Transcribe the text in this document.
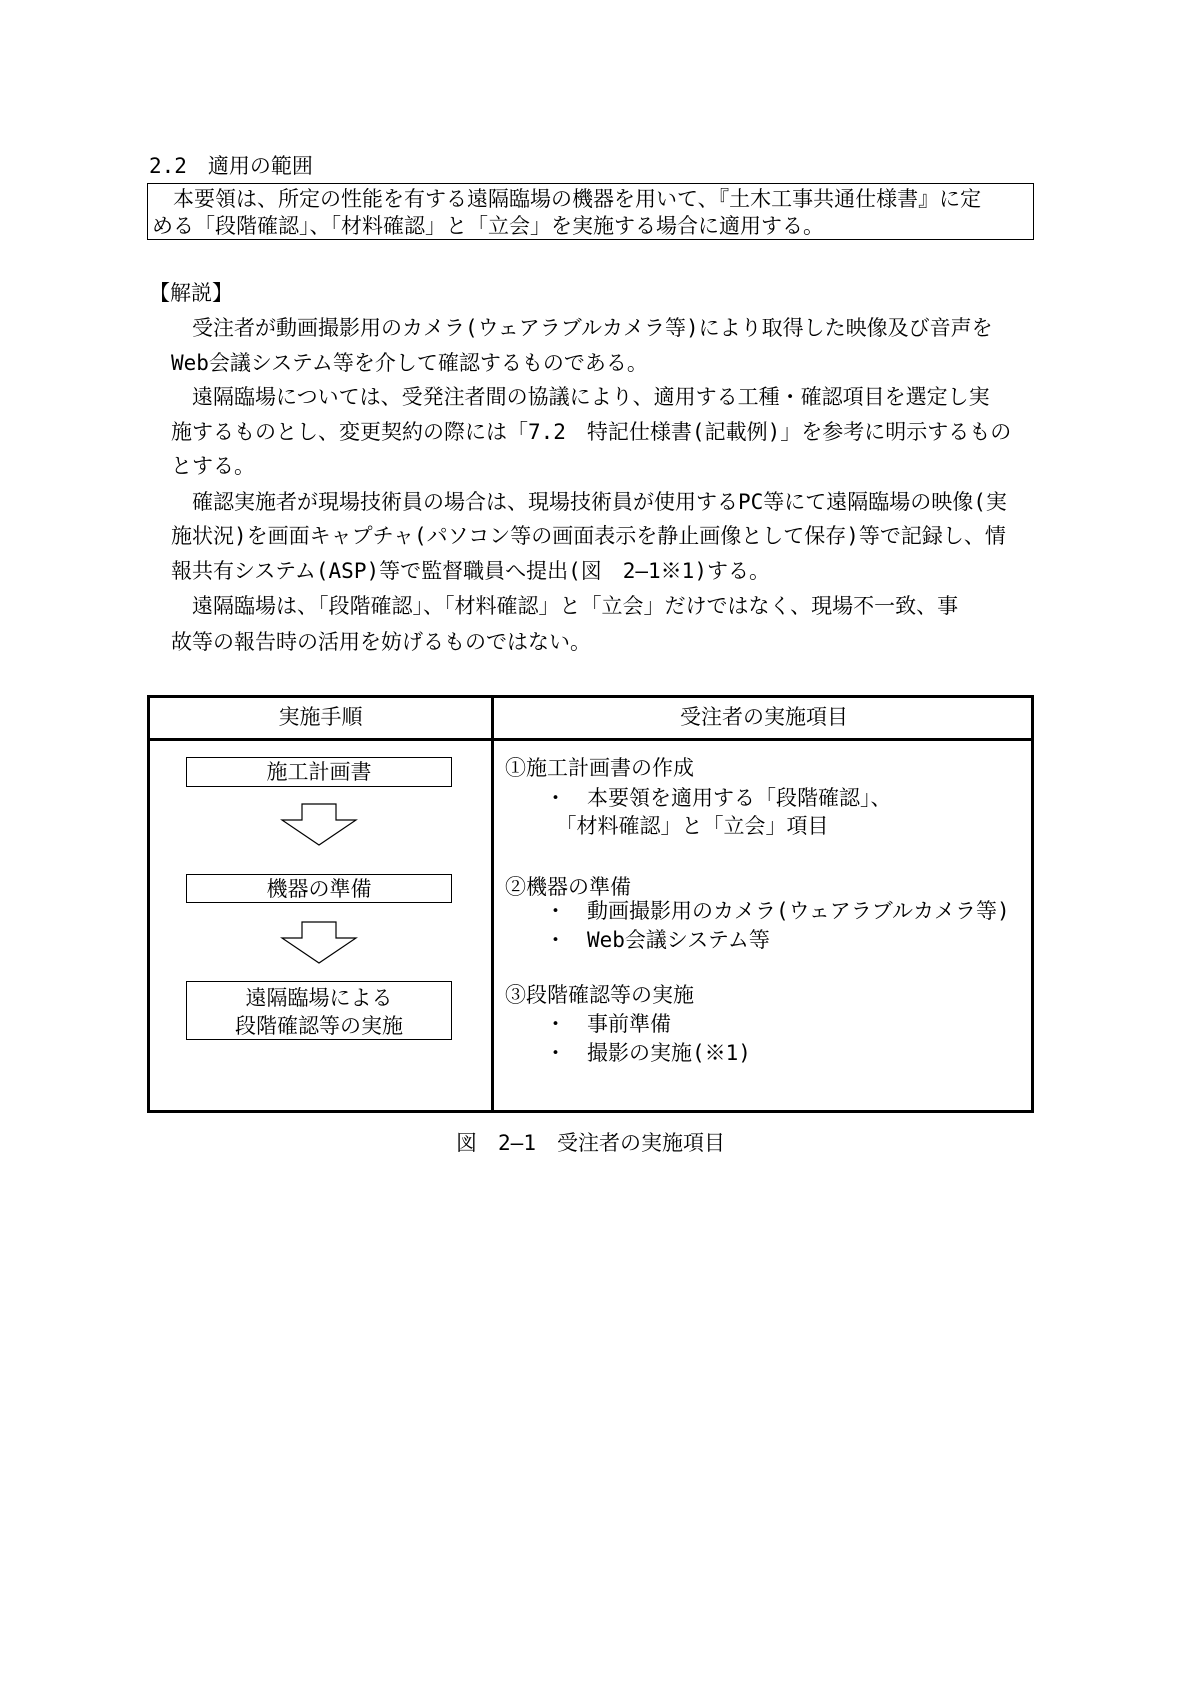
2.2　適用の範囲
　本要領は、所定の性能を有する遠隔臨場の機器を用いて、『土木工事共通仕様書』に定
める「段階確認」、「材料確認」と「立会」を実施する場合に適用する。
【解説】
　受注者が動画撮影用のカメラ(ウェアラブルカメラ等)により取得した映像及び音声を
Web会議システム等を介して確認するものである。
　遠隔臨場については、受発注者間の協議により、適用する工種・確認項目を選定し実
施するものとし、変更契約の際には「7.2　特記仕様書(記載例)」を参考に明示するもの
とする。
　確認実施者が現場技術員の場合は、現場技術員が使用するPC等にて遠隔臨場の映像(実
施状況)を画面キャプチャ(パソコン等の画面表示を静止画像として保存)等で記録し、情
報共有システム(ASP)等で監督職員へ提出(図　2—1※1)する。
　遠隔臨場は、「段階確認」、「材料確認」と「立会」だけではなく、現場不一致、事
故等の報告時の活用を妨げるものではない。
実施手順	受注者の実施項目
施工計画書
機器の準備
遠隔臨場による
段階確認等の実施
①施工計画書の作成
・　本要領を適用する「段階確認」、
　「材料確認」と「立会」項目
②機器の準備
・　動画撮影用のカメラ(ウェアラブルカメラ等)
・　Web会議システム等
③段階確認等の実施
・　事前準備
・　撮影の実施(※1)
図　2—1　受注者の実施項目
